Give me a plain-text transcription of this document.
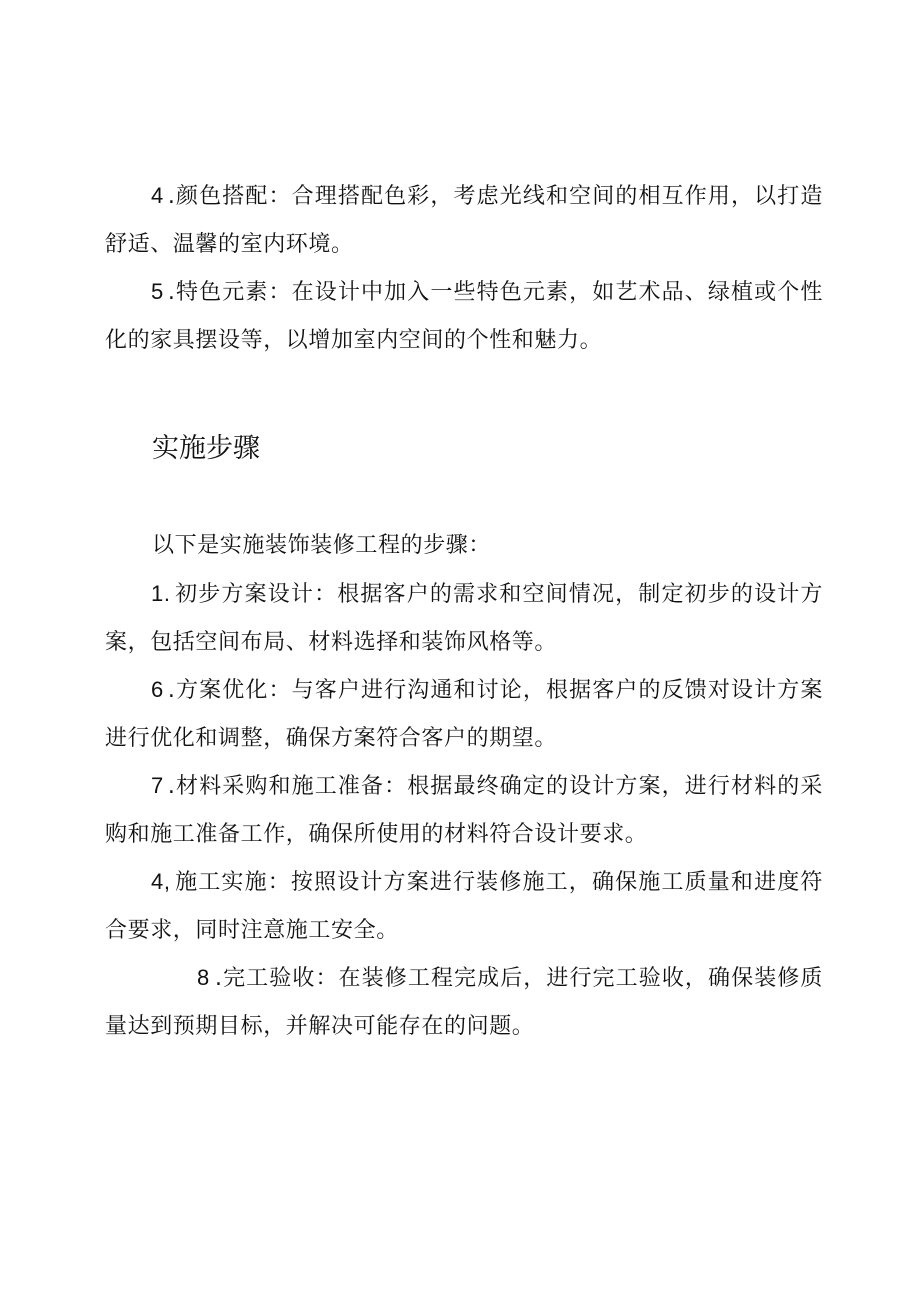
4 .颜色搭配：合理搭配色彩，考虑光线和空间的相互作用，以打造舒适、温馨的室内环境。

5 .特色元素：在设计中加入一些特色元素，如艺术品、绿植或个性化的家具摆设等，以增加室内空间的个性和魅力。

实施步骤

以下是实施装饰装修工程的步骤：

1. 初步方案设计：根据客户的需求和空间情况，制定初步的设计方案，包括空间布局、材料选择和装饰风格等。

6 .方案优化：与客户进行沟通和讨论，根据客户的反馈对设计方案进行优化和调整，确保方案符合客户的期望。

7 .材料采购和施工准备：根据最终确定的设计方案，进行材料的采购和施工准备工作，确保所使用的材料符合设计要求。

4, 施工实施：按照设计方案进行装修施工，确保施工质量和进度符合要求，同时注意施工安全。

8 .完工验收：在装修工程完成后，进行完工验收，确保装修质量达到预期目标，并解决可能存在的问题。
